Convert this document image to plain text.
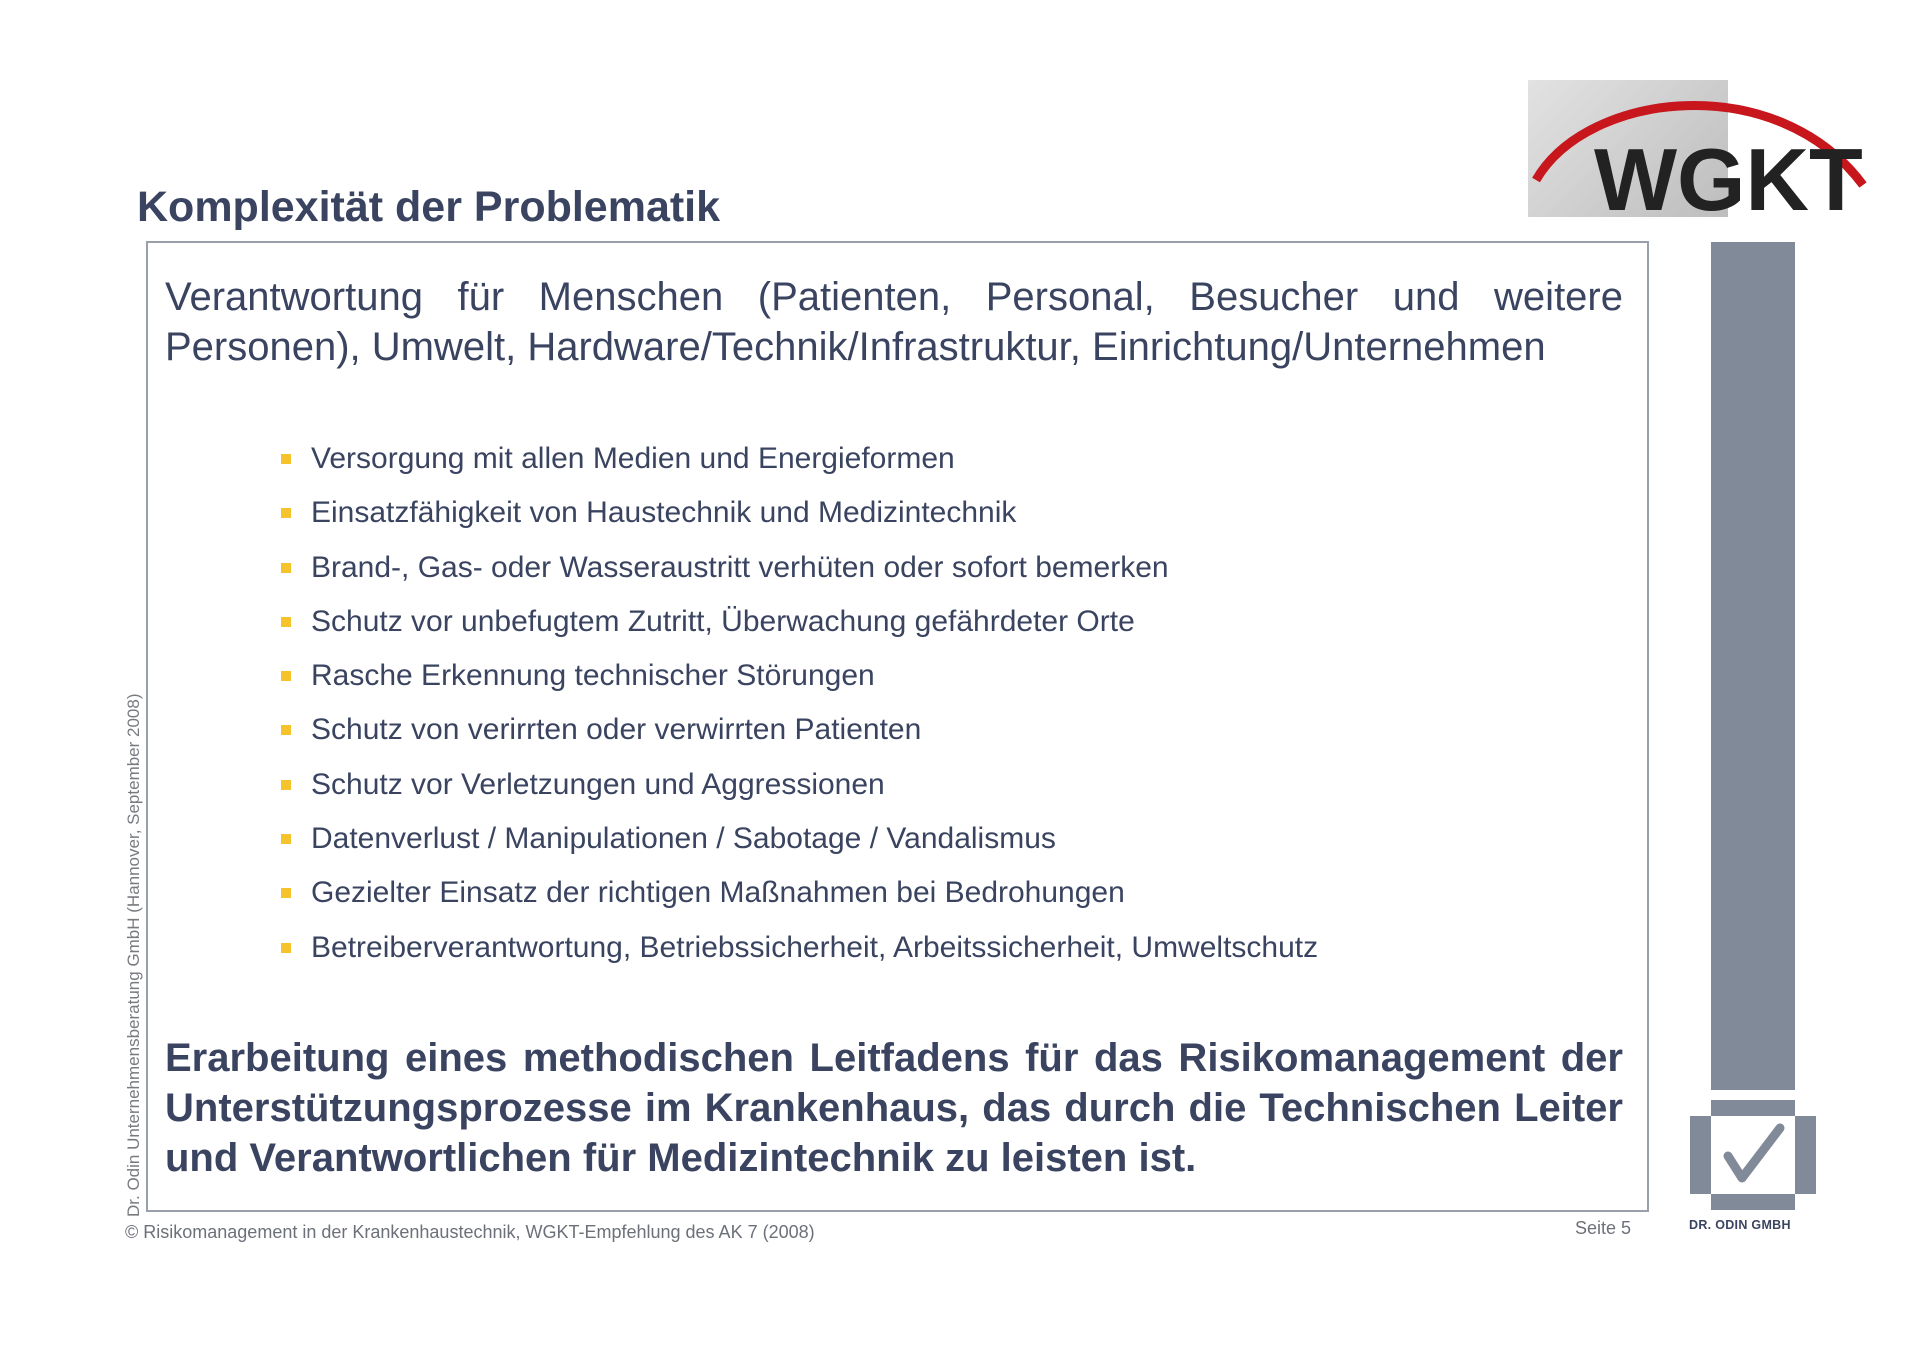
Komplexität der Problematik	WGKT
Verantwortung für Menschen (Patienten, Personal, Besucher und weitere Personen), Umwelt, Hardware/Technik/Infrastruktur, Einrichtung/Unternehmen
Versorgung mit allen Medien und Energieformen
Einsatzfähigkeit von Haustechnik und Medizintechnik
Brand-, Gas- oder Wasseraustritt verhüten oder sofort bemerken
Schutz vor unbefugtem Zutritt, Überwachung gefährdeter Orte
Rasche Erkennung technischer Störungen
Schutz von verirrten oder verwirrten Patienten
Schutz vor Verletzungen und Aggressionen
Datenverlust / Manipulationen / Sabotage / Vandalismus
Gezielter Einsatz der richtigen Maßnahmen bei Bedrohungen
Betreiberverantwortung, Betriebssicherheit, Arbeitssicherheit, Umweltschutz
Erarbeitung eines methodischen Leitfadens für das Risikomanagement der Unterstützungsprozesse im Krankenhaus, das durch die Technischen Leiter und Verantwortlichen für Medizintechnik zu leisten ist.
Dr. Odin Unternehmensberatung GmbH (Hannover, September 2008)
© Risikomanagement in der Krankenhaustechnik, WGKT-Empfehlung des AK 7 (2008)	Seite 5	DR. ODIN GMBH
